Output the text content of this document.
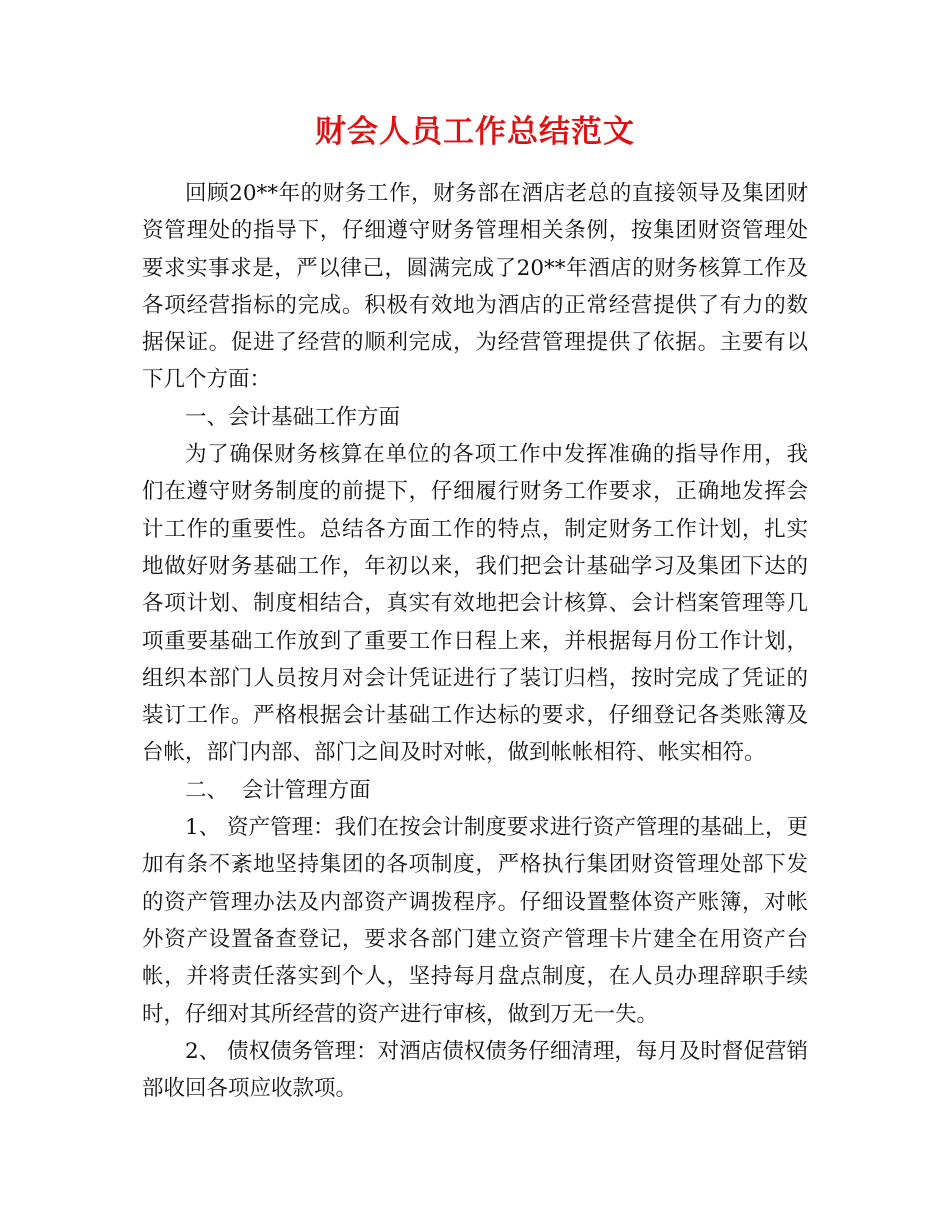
财会人员工作总结范文

回顾20**年的财务工作，财务部在酒店老总的直接领导及集团财资管理处的指导下，仔细遵守财务管理相关条例，按集团财资管理处要求实事求是，严以律己，圆满完成了20**年酒店的财务核算工作及各项经营指标的完成。积极有效地为酒店的正常经营提供了有力的数据保证。促进了经营的顺利完成，为经营管理提供了依据。主要有以下几个方面：

一、会计基础工作方面

为了确保财务核算在单位的各项工作中发挥准确的指导作用，我们在遵守财务制度的前提下，仔细履行财务工作要求，正确地发挥会计工作的重要性。总结各方面工作的特点，制定财务工作计划，扎实地做好财务基础工作，年初以来，我们把会计基础学习及集团下达的各项计划、制度相结合，真实有效地把会计核算、会计档案管理等几项重要基础工作放到了重要工作日程上来，并根据每月份工作计划，组织本部门人员按月对会计凭证进行了装订归档，按时完成了凭证的装订工作。严格根据会计基础工作达标的要求，仔细登记各类账簿及台帐，部门内部、部门之间及时对帐，做到帐帐相符、帐实相符。

二、  会计管理方面

1、 资产管理：我们在按会计制度要求进行资产管理的基础上，更加有条不紊地坚持集团的各项制度，严格执行集团财资管理处部下发的资产管理办法及内部资产调拨程序。仔细设置整体资产账簿，对帐外资产设置备查登记，要求各部门建立资产管理卡片建全在用资产台帐，并将责任落实到个人，坚持每月盘点制度，在人员办理辞职手续时，仔细对其所经营的资产进行审核，做到万无一失。

2、 债权债务管理：对酒店债权债务仔细清理，每月及时督促营销部收回各项应收款项。
